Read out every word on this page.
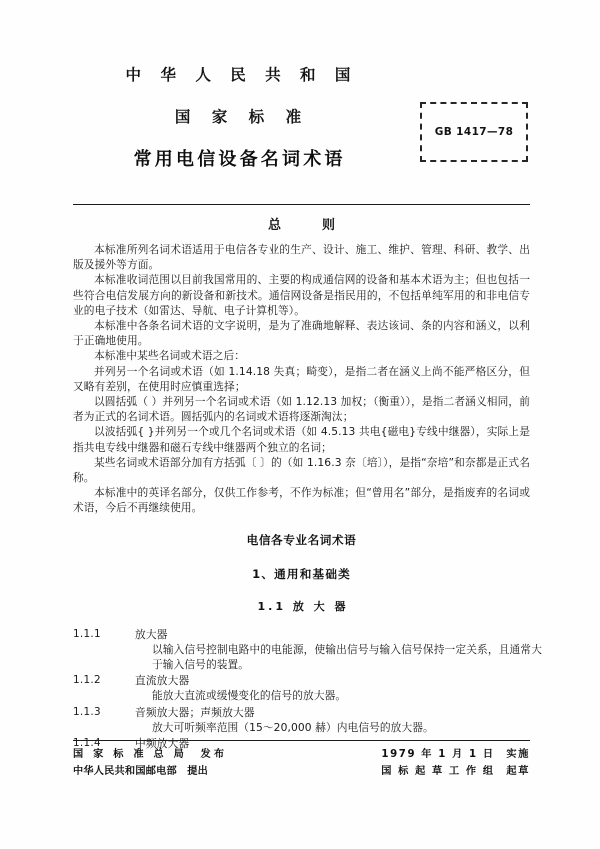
中 华 人 民 共 和 国
国 家 标 准
常用电信设备名词术语
GB 1417—78
总　则

本标准所列名词术语适用于电信各专业的生产、设计、施工、维护、管理、科研、教学、出版及援外等方面。

本标准收词范围以目前我国常用的、主要的构成通信网的设备和基本术语为主；但也包括一些符合电信发展方向的新设备和新技术。通信网设备是指民用的，不包括单纯军用的和非电信专业的电子技术（如雷达、导航、电子计算机等）。

本标准中各条名词术语的文字说明，是为了准确地解释、表达该词、条的内容和涵义，以利于正确地使用。

本标准中某些名词或术语之后：

并列另一个名词或术语（如 1.14.18 失真；畸变），是指二者在涵义上尚不能严格区分，但又略有差别，在使用时应慎重选择；

以圆括弧（ ）并列另一个名词或术语（如 1.12.13 加权；（衡重）），是指二者涵义相同，前者为正式的名词术语。圆括弧内的名词或术语将逐渐淘汰；

以波括弧{ }并列另一个或几个名词或术语（如 4.5.13 共电{磁电}专线中继器），实际上是指共电专线中继器和磁石专线中继器两个独立的名词；

某些名词或术语部分加有方括弧〔 〕的（如 1.16.3 奈〔培〕），是指“奈培”和奈都是正式名称。

本标准中的英译名部分，仅供工作参考，不作为标准；但“曾用名”部分，是指废弃的名词或术语，今后不再继续使用。

电信各专业名词术语
1、通用和基础类
1.1 放 大 器
1.1.1	放大器
以输入信号控制电路中的电能源，使输出信号与输入信号保持一定关系，且通常大于输入信号的装置。
1.1.2	直流放大器
能放大直流或缓慢变化的信号的放大器。
1.1.3	音频放大器；声频放大器
放大可听频率范围（15～20,000 赫）内电信号的放大器。
1.1.4	中频放大器
国 家 标 准 总 局　发布
中华人民共和国邮电部　提出
1979 年 1 月 1 日　实施
国 标 起 草 工 作 组　起草
